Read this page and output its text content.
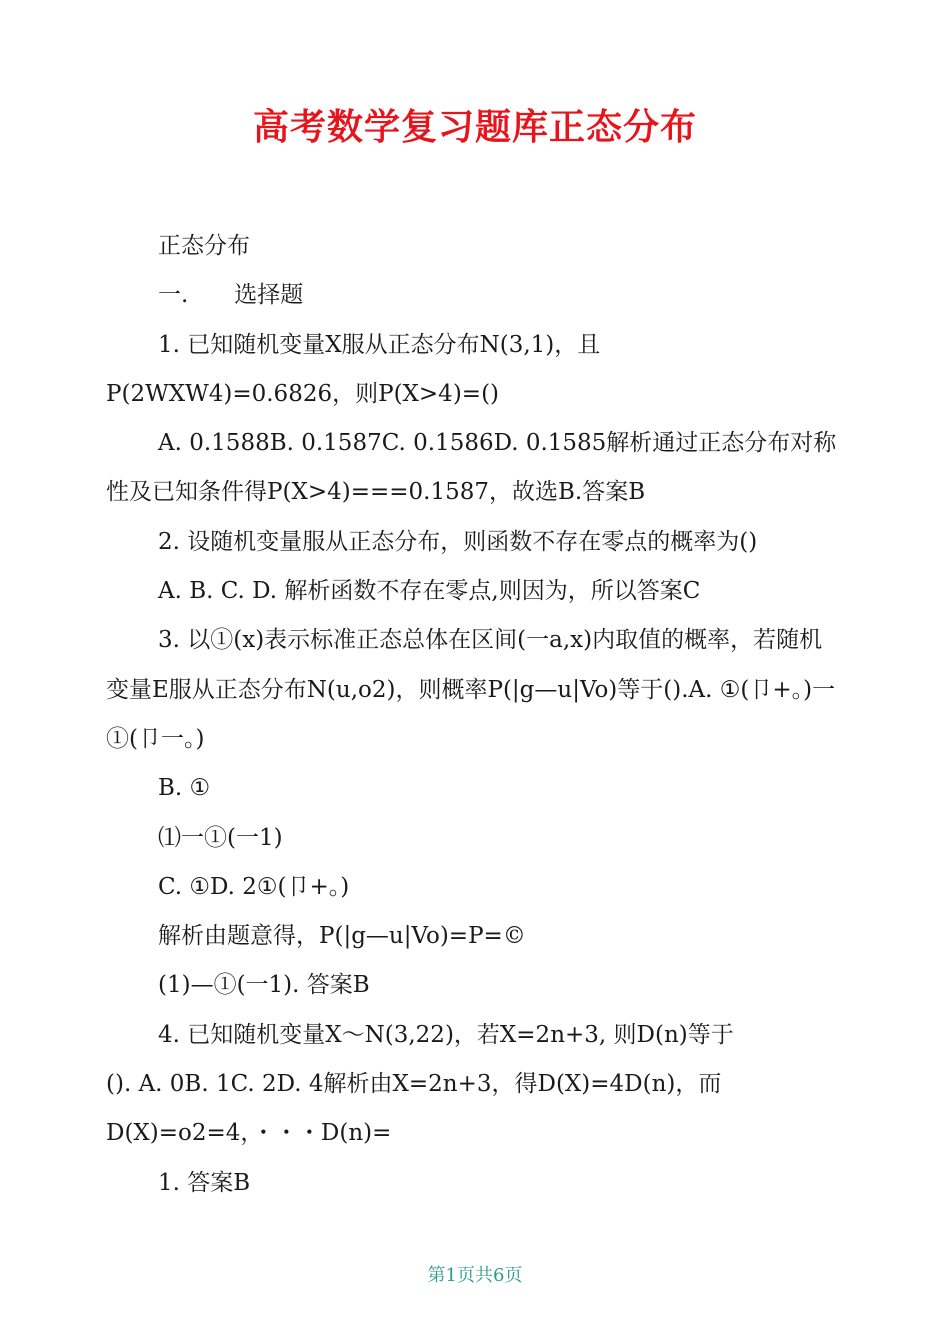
高考数学复习题库正态分布

正态分布

一.　　选择题

1. 已知随机变量X服从正态分布N(3,1)，且

P(2WXW4)=0.6826，则P(X>4)=()

A. 0.1588B. 0.1587C. 0.1586D. 0.1585解析通过正态分布对称性及已知条件得P(X>4)===0.1587，故选B.答案B

2. 设随机变量服从正态分布，则函数不存在零点的概率为()

A. B. C. D. 解析函数不存在零点,则因为，所以答案C

3. 以①(x)表示标准正态总体在区间(一a,x)内取值的概率，若随机变量E服从正态分布N(u,o2)，则概率P(|g—u|Vo)等于().A. ①(卩+。)一①(卩一。)

B. ①

⑴一①(一1)

C. ①D. 2①(卩+。)

解析由题意得，P(|g—u|Vo)=P=©

(1)—①(一1). 答案B

4. 已知随机变量X〜N(3,22)，若X=2n+3, 则D(n)等于

(). A. 0B. 1C. 2D. 4解析由X=2n+3，得D(X)=4D(n)，而

D(X)=o2=4，・・・D(n)=

1. 答案B

第1页共6页
